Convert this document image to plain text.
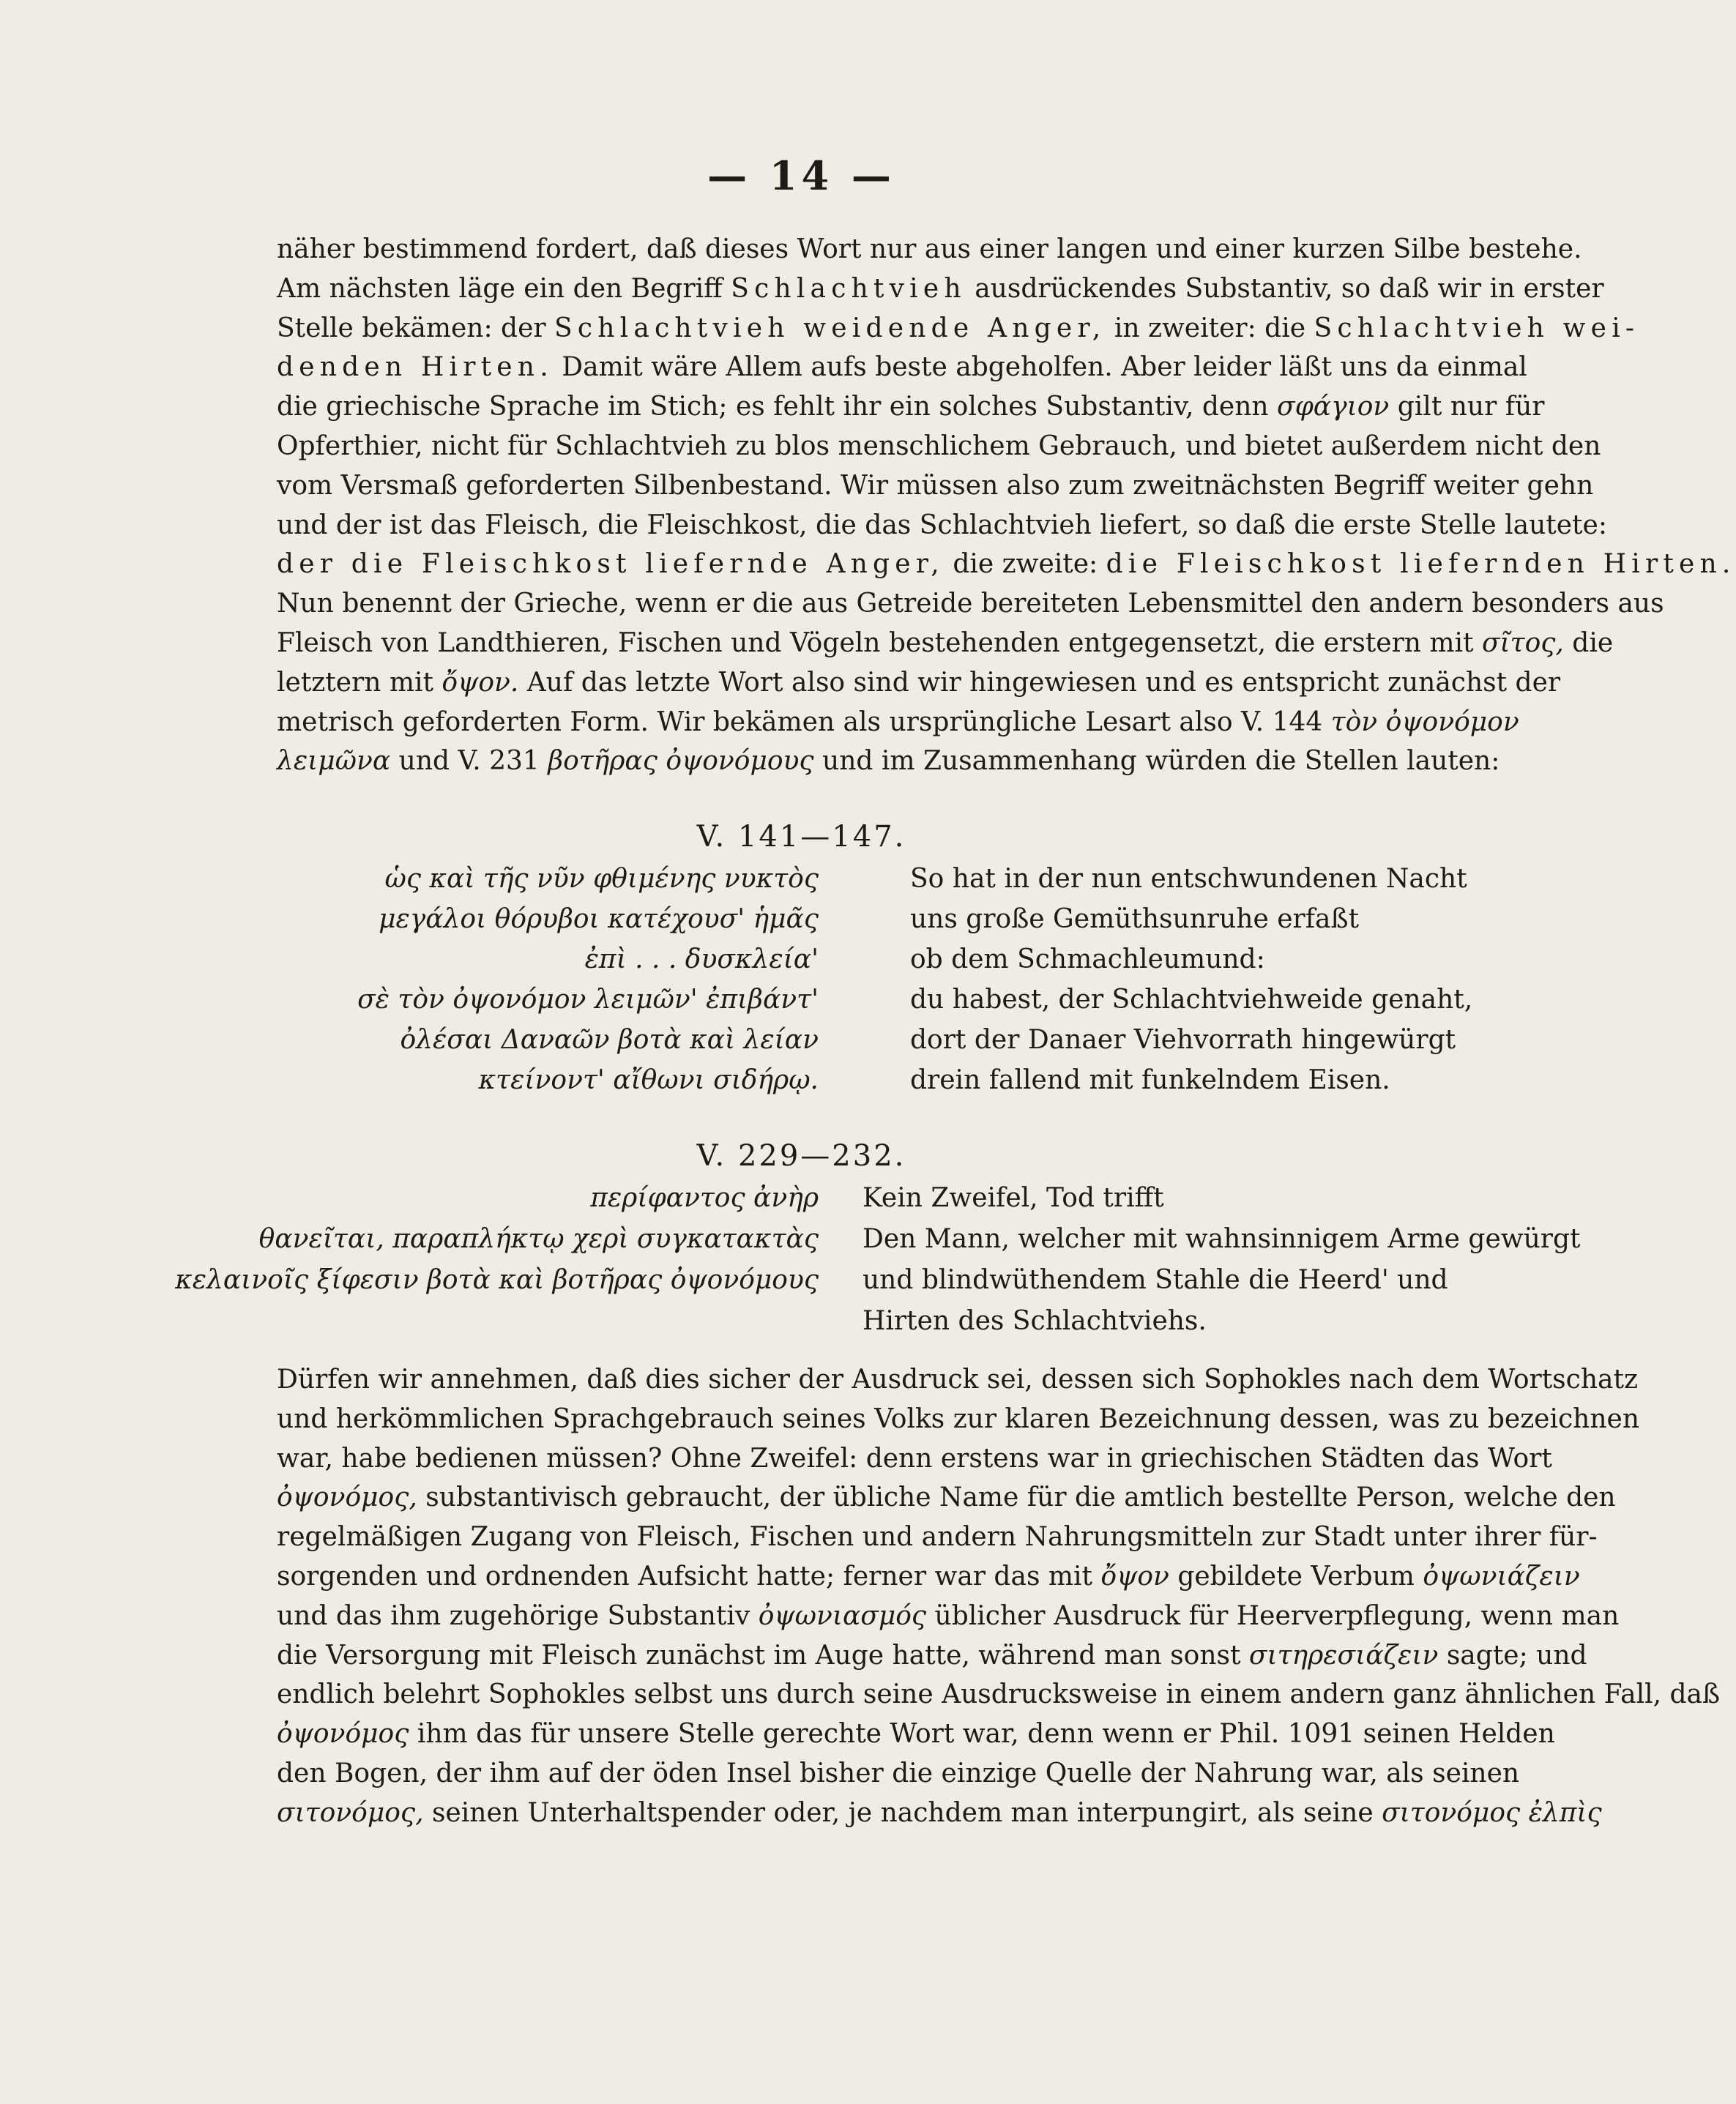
— 14 —

näher bestimmend fordert, daß dieses Wort nur aus einer langen und einer kurzen Silbe bestehe.
Am nächsten läge ein den Begriff Schlachtvieh ausdrückendes Substantiv, so daß wir in erster
Stelle bekämen: der Schlachtvieh weidende Anger, in zweiter: die Schlachtvieh wei-
denden Hirten. Damit wäre Allem aufs beste abgeholfen. Aber leider läßt uns da einmal
die griechische Sprache im Stich; es fehlt ihr ein solches Substantiv, denn σφάγιον gilt nur für
Opferthier, nicht für Schlachtvieh zu blos menschlichem Gebrauch, und bietet außerdem nicht den
vom Versmaß geforderten Silbenbestand. Wir müssen also zum zweitnächsten Begriff weiter gehn
und der ist das Fleisch, die Fleischkost, die das Schlachtvieh liefert, so daß die erste Stelle lautete:
der die Fleischkost liefernde Anger, die zweite: die Fleischkost liefernden Hirten.
Nun benennt der Grieche, wenn er die aus Getreide bereiteten Lebensmittel den andern besonders aus
Fleisch von Landthieren, Fischen und Vögeln bestehenden entgegensetzt, die erstern mit σῖτος, die
letztern mit ὄψον. Auf das letzte Wort also sind wir hingewiesen und es entspricht zunächst der
metrisch geforderten Form. Wir bekämen als ursprüngliche Lesart also V. 144 τὸν ὀψονόμον
λειμῶνα und V. 231 βοτῆρας ὀψονόμους und im Zusammenhang würden die Stellen lauten:

V. 141—147.
ὡς καὶ τῆς νῦν φθιμένης νυκτὸς	So hat in der nun entschwundenen Nacht
μεγάλοι θόρυβοι κατέχουσ' ἡμᾶς	uns große Gemüthsunruhe erfaßt
ἐπὶ . . . δυσκλεία'	ob dem Schmachleumund:
σὲ τὸν ὀψονόμον λειμῶν' ἐπιβάντ'	du habest, der Schlachtviehweide genaht,
ὀλέσαι Δαναῶν βοτὰ καὶ λείαν	dort der Danaer Viehvorrath hingewürgt
κτείνοντ' αἴθωνι σιδήρῳ.	drein fallend mit funkelndem Eisen.
V. 229—232.
περίφαντος ἀνὴρ Kein Zweifel, Tod trifft
θανεῖται, παραπλήκτῳ χερὶ συγκατακτὰς Den Mann, welcher mit wahnsinnigem Arme gewürgt
κελαινοῖς ξίφεσιν βοτὰ καὶ βοτῆρας ὀψονόμους und blindwüthendem Stahle die Heerd' und
Hirten des Schlachtviehs.

Dürfen wir annehmen, daß dies sicher der Ausdruck sei, dessen sich Sophokles nach dem Wortschatz
und herkömmlichen Sprachgebrauch seines Volks zur klaren Bezeichnung dessen, was zu bezeichnen
war, habe bedienen müssen? Ohne Zweifel: denn erstens war in griechischen Städten das Wort
ὀψονόμος, substantivisch gebraucht, der übliche Name für die amtlich bestellte Person, welche den
regelmäßigen Zugang von Fleisch, Fischen und andern Nahrungsmitteln zur Stadt unter ihrer für-
sorgenden und ordnenden Aufsicht hatte; ferner war das mit ὄψον gebildete Verbum ὀψωνιάζειν
und das ihm zugehörige Substantiv ὀψωνιασμός üblicher Ausdruck für Heerverpflegung, wenn man
die Versorgung mit Fleisch zunächst im Auge hatte, während man sonst σιτηρεσιάζειν sagte; und
endlich belehrt Sophokles selbst uns durch seine Ausdrucksweise in einem andern ganz ähnlichen Fall, daß
ὀψονόμος ihm das für unsere Stelle gerechte Wort war, denn wenn er Phil. 1091 seinen Helden
den Bogen, der ihm auf der öden Insel bisher die einzige Quelle der Nahrung war, als seinen
σιτονόμος, seinen Unterhaltspender oder, je nachdem man interpungirt, als seine σιτονόμος ἐλπὶς
